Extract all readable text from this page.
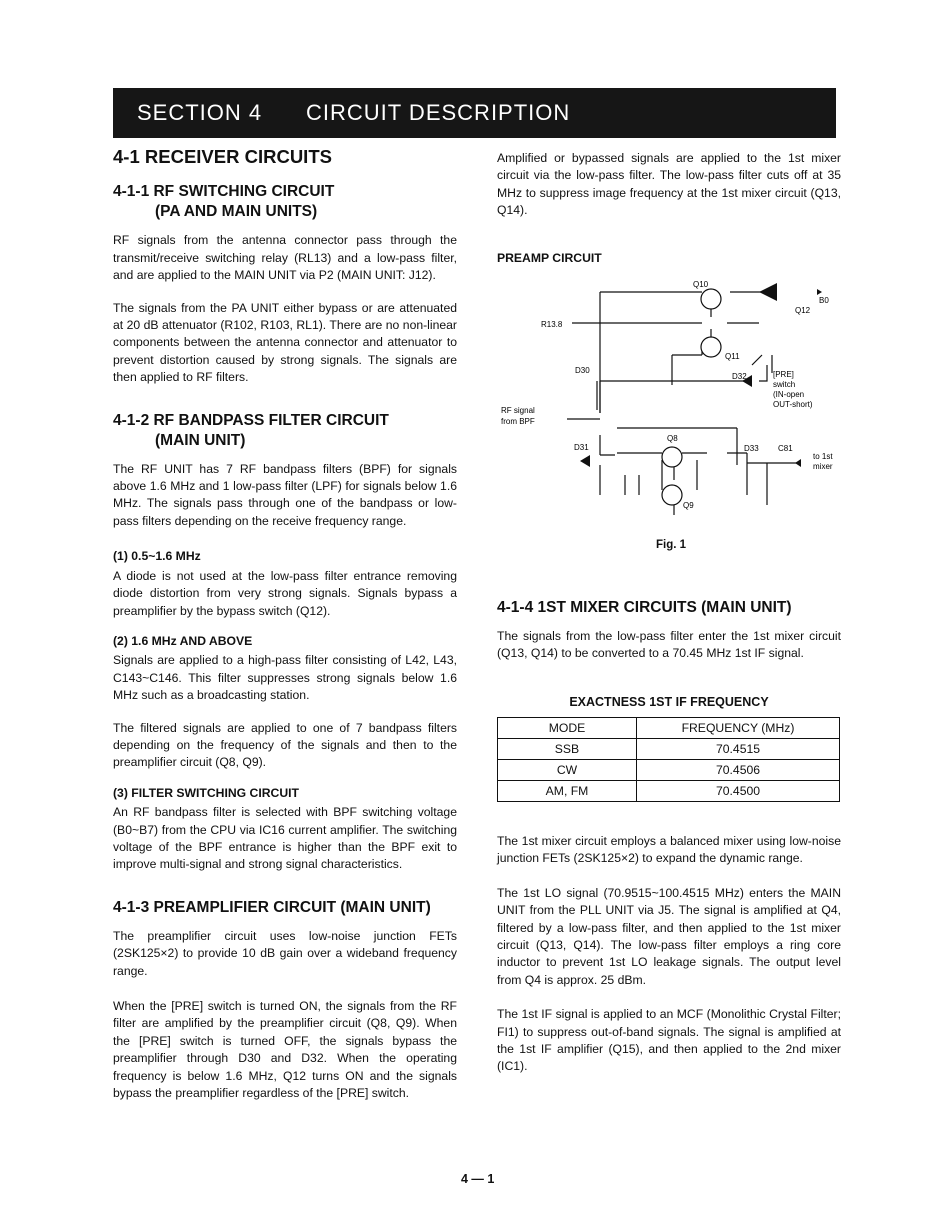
SECTION 4 CIRCUIT DESCRIPTION
4-1 RECEIVER CIRCUITS
4-1-1 RF SWITCHING CIRCUIT
(PA AND MAIN UNITS)

RF signals from the antenna connector pass through the transmit/receive switching relay (RL13) and a low-pass filter, and are applied to the MAIN UNIT via P2 (MAIN UNIT: J12).

The signals from the PA UNIT either bypass or are attenuated at 20 dB attenuator (R102, R103, RL1). There are no non-linear components between the antenna connector and attenuator to prevent distortion caused by strong signals. The signals are then applied to RF filters.

4-1-2 RF BANDPASS FILTER CIRCUIT
(MAIN UNIT)

The RF UNIT has 7 RF bandpass filters (BPF) for signals above 1.6 MHz and 1 low-pass filter (LPF) for signals below 1.6 MHz. The signals pass through one of the bandpass or low-pass filters depending on the receive frequency range.

(1) 0.5~1.6 MHz

A diode is not used at the low-pass filter entrance removing diode distortion from very strong signals. Signals bypass a preamplifier by the bypass switch (Q12).

(2) 1.6 MHz AND ABOVE

Signals are applied to a high-pass filter consisting of L42, L43, C143~C146. This filter suppresses strong signals below 1.6 MHz such as a broadcasting station.

The filtered signals are applied to one of 7 bandpass filters depending on the frequency of the signals and then to the preamplifier circuit (Q8, Q9).

(3) FILTER SWITCHING CIRCUIT

An RF bandpass filter is selected with BPF switching voltage (B0~B7) from the CPU via IC16 current amplifier. The switching voltage of the BPF entrance is higher than the BPF exit to improve multi-signal and strong signal characteristics.

4-1-3 PREAMPLIFIER CIRCUIT (MAIN UNIT)

The preamplifier circuit uses low-noise junction FETs (2SK125×2) to provide 10 dB gain over a wideband frequency range.

When the [PRE] switch is turned ON, the signals from the RF filter are amplified by the preamplifier circuit (Q8, Q9). When the [PRE] switch is turned OFF, the signals bypass the preamplifier through D30 and D32. When the operating frequency is below 1.6 MHz, Q12 turns ON and the signals bypass the preamplifier regardless of the [PRE] switch.

Amplified or bypassed signals are applied to the 1st mixer circuit via the low-pass filter. The low-pass filter cuts off at 35 MHz to suppress image frequency at the 1st mixer circuit (Q13, Q14).

PREAMP CIRCUIT
Q10
Q12
B0
R13.8
Q11
D30
D32	[PRE]
switch
(IN-open
OUT-short)
RF signal
from BPF
Q8
D31	D33 C81
to 1st
mixer
Q9
Fig. 1
4-1-4 1ST MIXER CIRCUITS (MAIN UNIT)

The signals from the low-pass filter enter the 1st mixer circuit (Q13, Q14) to be converted to a 70.45 MHz 1st IF signal.

EXACTNESS 1ST IF FREQUENCY
MODE	FREQUENCY (MHz)
SSB	70.4515
CW	70.4506
AM, FM	70.4500

The 1st mixer circuit employs a balanced mixer using low-noise junction FETs (2SK125×2) to expand the dynamic range.

The 1st LO signal (70.9515~100.4515 MHz) enters the MAIN UNIT from the PLL UNIT via J5. The signal is amplified at Q4, filtered by a low-pass filter, and then applied to the 1st mixer circuit (Q13, Q14). The low-pass filter employs a ring core inductor to prevent 1st LO leakage signals. The output level from Q4 is approx. 25 dBm.

The 1st IF signal is applied to an MCF (Monolithic Crystal Filter; FI1) to suppress out-of-band signals. The signal is amplified at the 1st IF amplifier (Q15), and then applied to the 2nd mixer (IC1).

4 — 1
